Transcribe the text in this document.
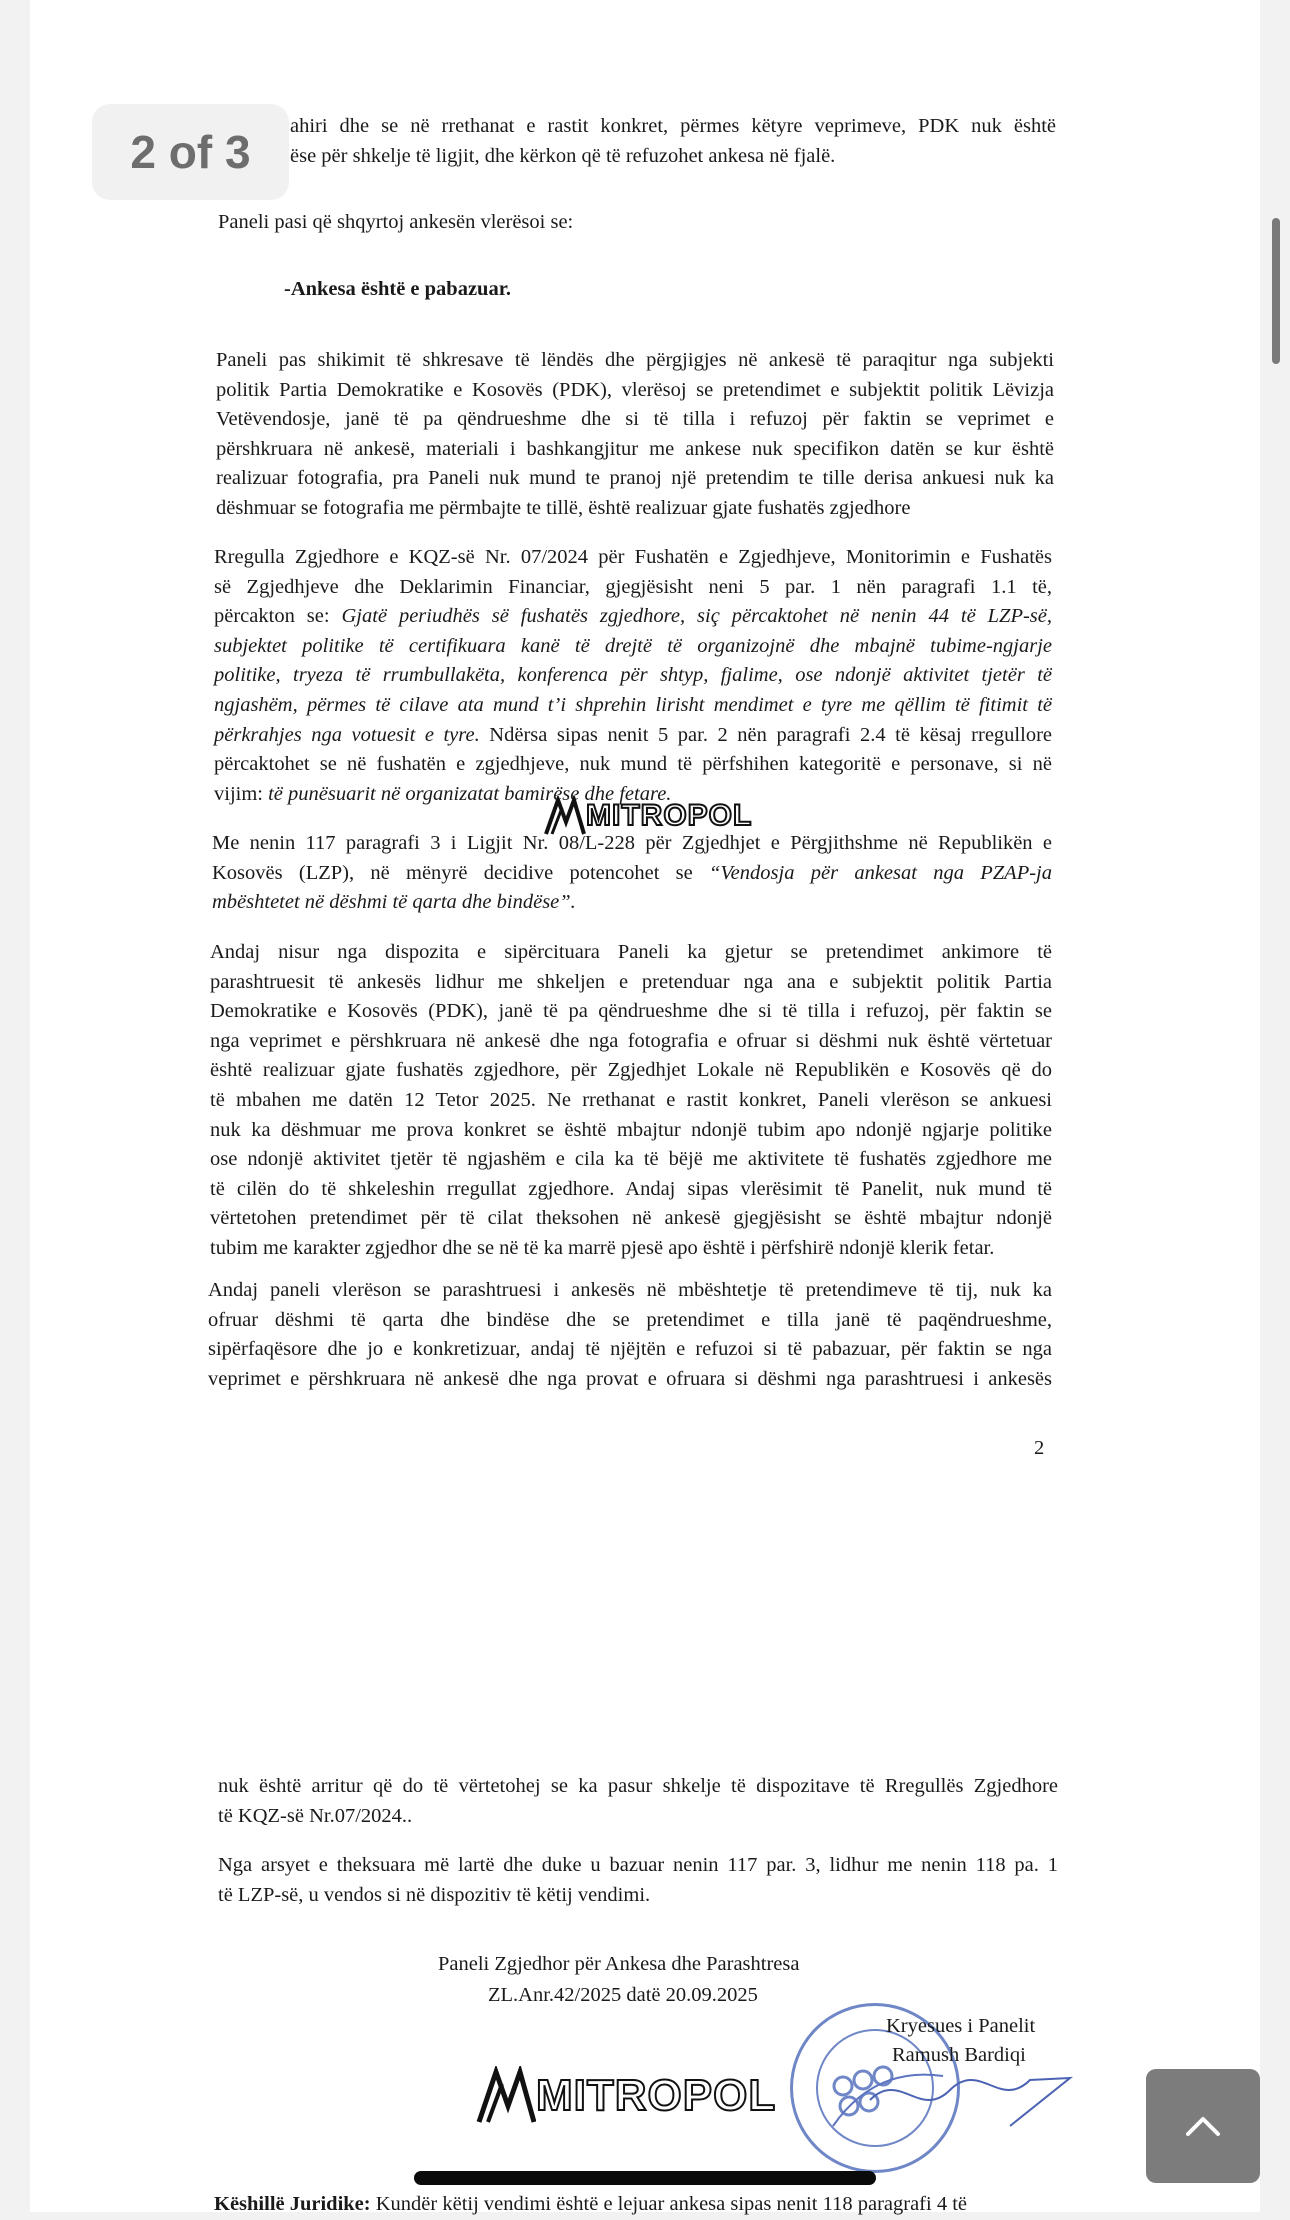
ahiri dhe se në rrethanat e rastit konkret, përmes këtyre veprimeve, PDK nuk është
ëse për shkelje të ligjit, dhe kërkon që të refuzohet ankesa në fjalë.
2 of 3
Paneli pasi që shqyrtoj ankesën vlerësoi se:
-Ankesa është e pabazuar.
Paneli pas shikimit të shkresave të lëndës dhe përgjigjes në ankesë të paraqitur nga subjekti
politik Partia Demokratike e Kosovës (PDK), vlerësoj se pretendimet e subjektit politik Lëvizja
Vetëvendosje, janë të pa qëndrueshme dhe si të tilla i refuzoj për faktin se veprimet e
përshkruara në ankesë, materiali i bashkangjitur me ankese nuk specifikon datën se kur është
realizuar fotografia, pra Paneli nuk mund te pranoj një pretendim te tille derisa ankuesi nuk ka
dëshmuar se fotografia me përmbajte te tillë, është realizuar gjate fushatës zgjedhore
Rregulla Zgjedhore e KQZ-së Nr. 07/2024 për Fushatën e Zgjedhjeve, Monitorimin e Fushatës
së Zgjedhjeve dhe Deklarimin Financiar, gjegjësisht neni 5 par. 1 nën paragrafi 1.1 të,
përcakton se: Gjatë periudhës së fushatës zgjedhore, siç përcaktohet në nenin 44 të LZP-së,
subjektet politike të certifikuara kanë të drejtë të organizojnë dhe mbajnë tubime-ngjarje
politike, tryeza të rrumbullakëta, konferenca për shtyp, fjalime, ose ndonjë aktivitet tjetër të
ngjashëm, përmes të cilave ata mund t’i shprehin lirisht mendimet e tyre me qëllim të fitimit të
përkrahjes nga votuesit e tyre. Ndërsa sipas nenit 5 par. 2 nën paragrafi 2.4 të kësaj rregullore
përcaktohet se në fushatën e zgjedhjeve, nuk mund të përfshihen kategoritë e personave, si në
vijim: të punësuarit në organizatat bamirëse dhe fetare.
MITROPOL
Me nenin 117 paragrafi 3 i Ligjit Nr. 08/L-228 për Zgjedhjet e Përgjithshme në Republikën e
Kosovës (LZP), në mënyrë decidive potencohet se “Vendosja për ankesat nga PZAP-ja
mbështetet në dëshmi të qarta dhe bindëse”.
Andaj nisur nga dispozita e sipërcituara Paneli ka gjetur se pretendimet ankimore të
parashtruesit të ankesës lidhur me shkeljen e pretenduar nga ana e subjektit politik Partia
Demokratike e Kosovës (PDK), janë të pa qëndrueshme dhe si të tilla i refuzoj, për faktin se
nga veprimet e përshkruara në ankesë dhe nga fotografia e ofruar si dëshmi nuk është vërtetuar
është realizuar gjate fushatës zgjedhore, për Zgjedhjet Lokale në Republikën e Kosovës që do
të mbahen me datën 12 Tetor 2025. Ne rrethanat e rastit konkret, Paneli vlerëson se ankuesi
nuk ka dëshmuar me prova konkret se është mbajtur ndonjë tubim apo ndonjë ngjarje politike
ose ndonjë aktivitet tjetër të ngjashëm e cila ka të bëjë me aktivitete të fushatës zgjedhore me
të cilën do të shkeleshin rregullat zgjedhore. Andaj sipas vlerësimit të Panelit, nuk mund të
vërtetohen pretendimet për të cilat theksohen në ankesë gjegjësisht se është mbajtur ndonjë
tubim me karakter zgjedhor dhe se në të ka marrë pjesë apo është i përfshirë ndonjë klerik fetar.
Andaj paneli vlerëson se parashtruesi i ankesës në mbështetje të pretendimeve të tij, nuk ka
ofruar dëshmi të qarta dhe bindëse dhe se pretendimet e tilla janë të paqëndrueshme,
sipërfaqësore dhe jo e konkretizuar, andaj të njëjtën e refuzoi si të pabazuar, për faktin se nga
veprimet e përshkruara në ankesë dhe nga provat e ofruara si dëshmi nga parashtruesi i ankesës
2
nuk është arritur që do të vërtetohej se ka pasur shkelje të dispozitave të Rregullës Zgjedhore
të KQZ-së Nr.07/2024..
Nga arsyet e theksuara më lartë dhe duke u bazuar nenin 117 par. 3, lidhur me nenin 118 pa. 1
të LZP-së, u vendos si në dispozitiv të këtij vendimi.
Paneli Zgjedhor për Ankesa dhe Parashtresa
ZL.Anr.42/2025 datë 20.09.2025
Kryesues i Panelit
Ramush Bardiqi
MITROPOL
Këshillë Juridike: Kundër këtij vendimi është e lejuar ankesa sipas nenit 118 paragrafi 4 të
